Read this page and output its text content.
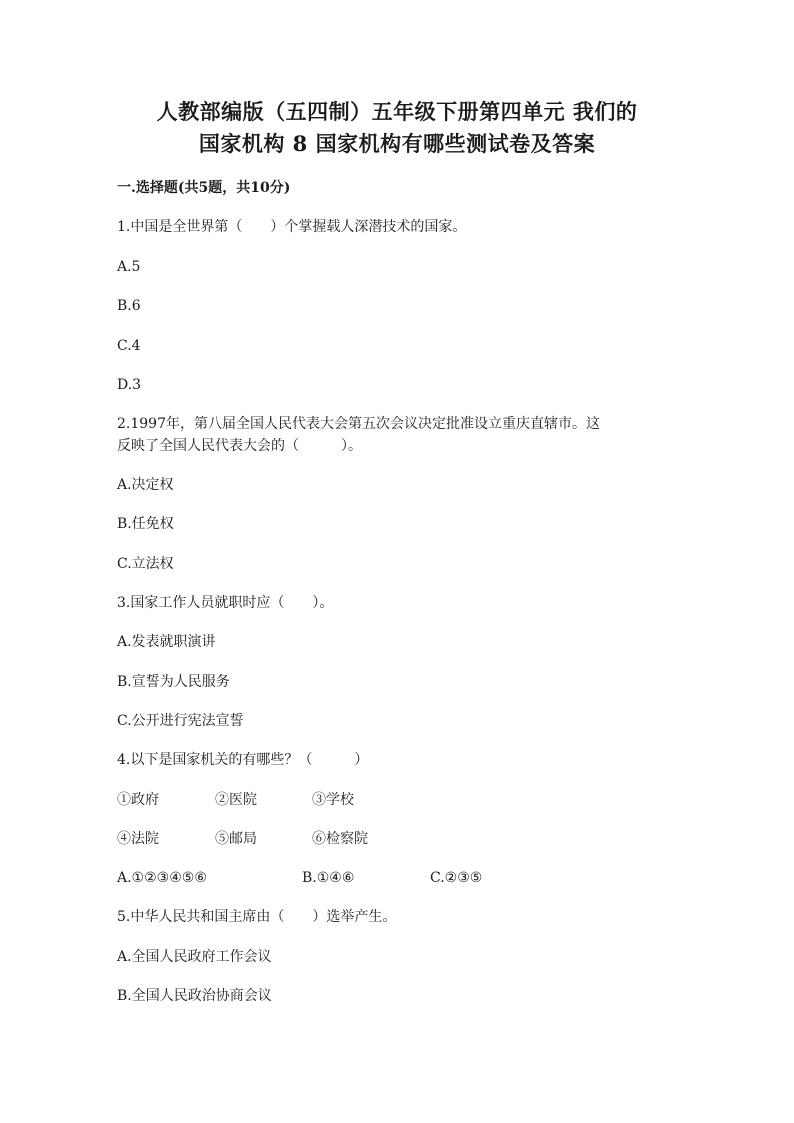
人教部编版（五四制）五年级下册第四单元 我们的
国家机构 8 国家机构有哪些测试卷及答案
一.选择题(共5题，共10分)
1.中国是全世界第（　　）个掌握载人深潜技术的国家。
A.5
B.6
C.4
D.3
2.1997年，第八届全国人民代表大会第五次会议决定批准设立重庆直辖市。这
反映了全国人民代表大会的（　　　）。
A.决定权
B.任免权
C.立法权
3.国家工作人员就职时应（　　）。
A.发表就职演讲
B.宣誓为人民服务
C.公开进行宪法宣誓
4.以下是国家机关的有哪些？（　　　）
①政府	②医院	③学校
④法院	⑤邮局	⑥检察院
A.①②③④⑤⑥	B.①④⑥	C.②③⑤
5.中华人民共和国主席由（　　）选举产生。
A.全国人民政府工作会议
B.全国人民政治协商会议
